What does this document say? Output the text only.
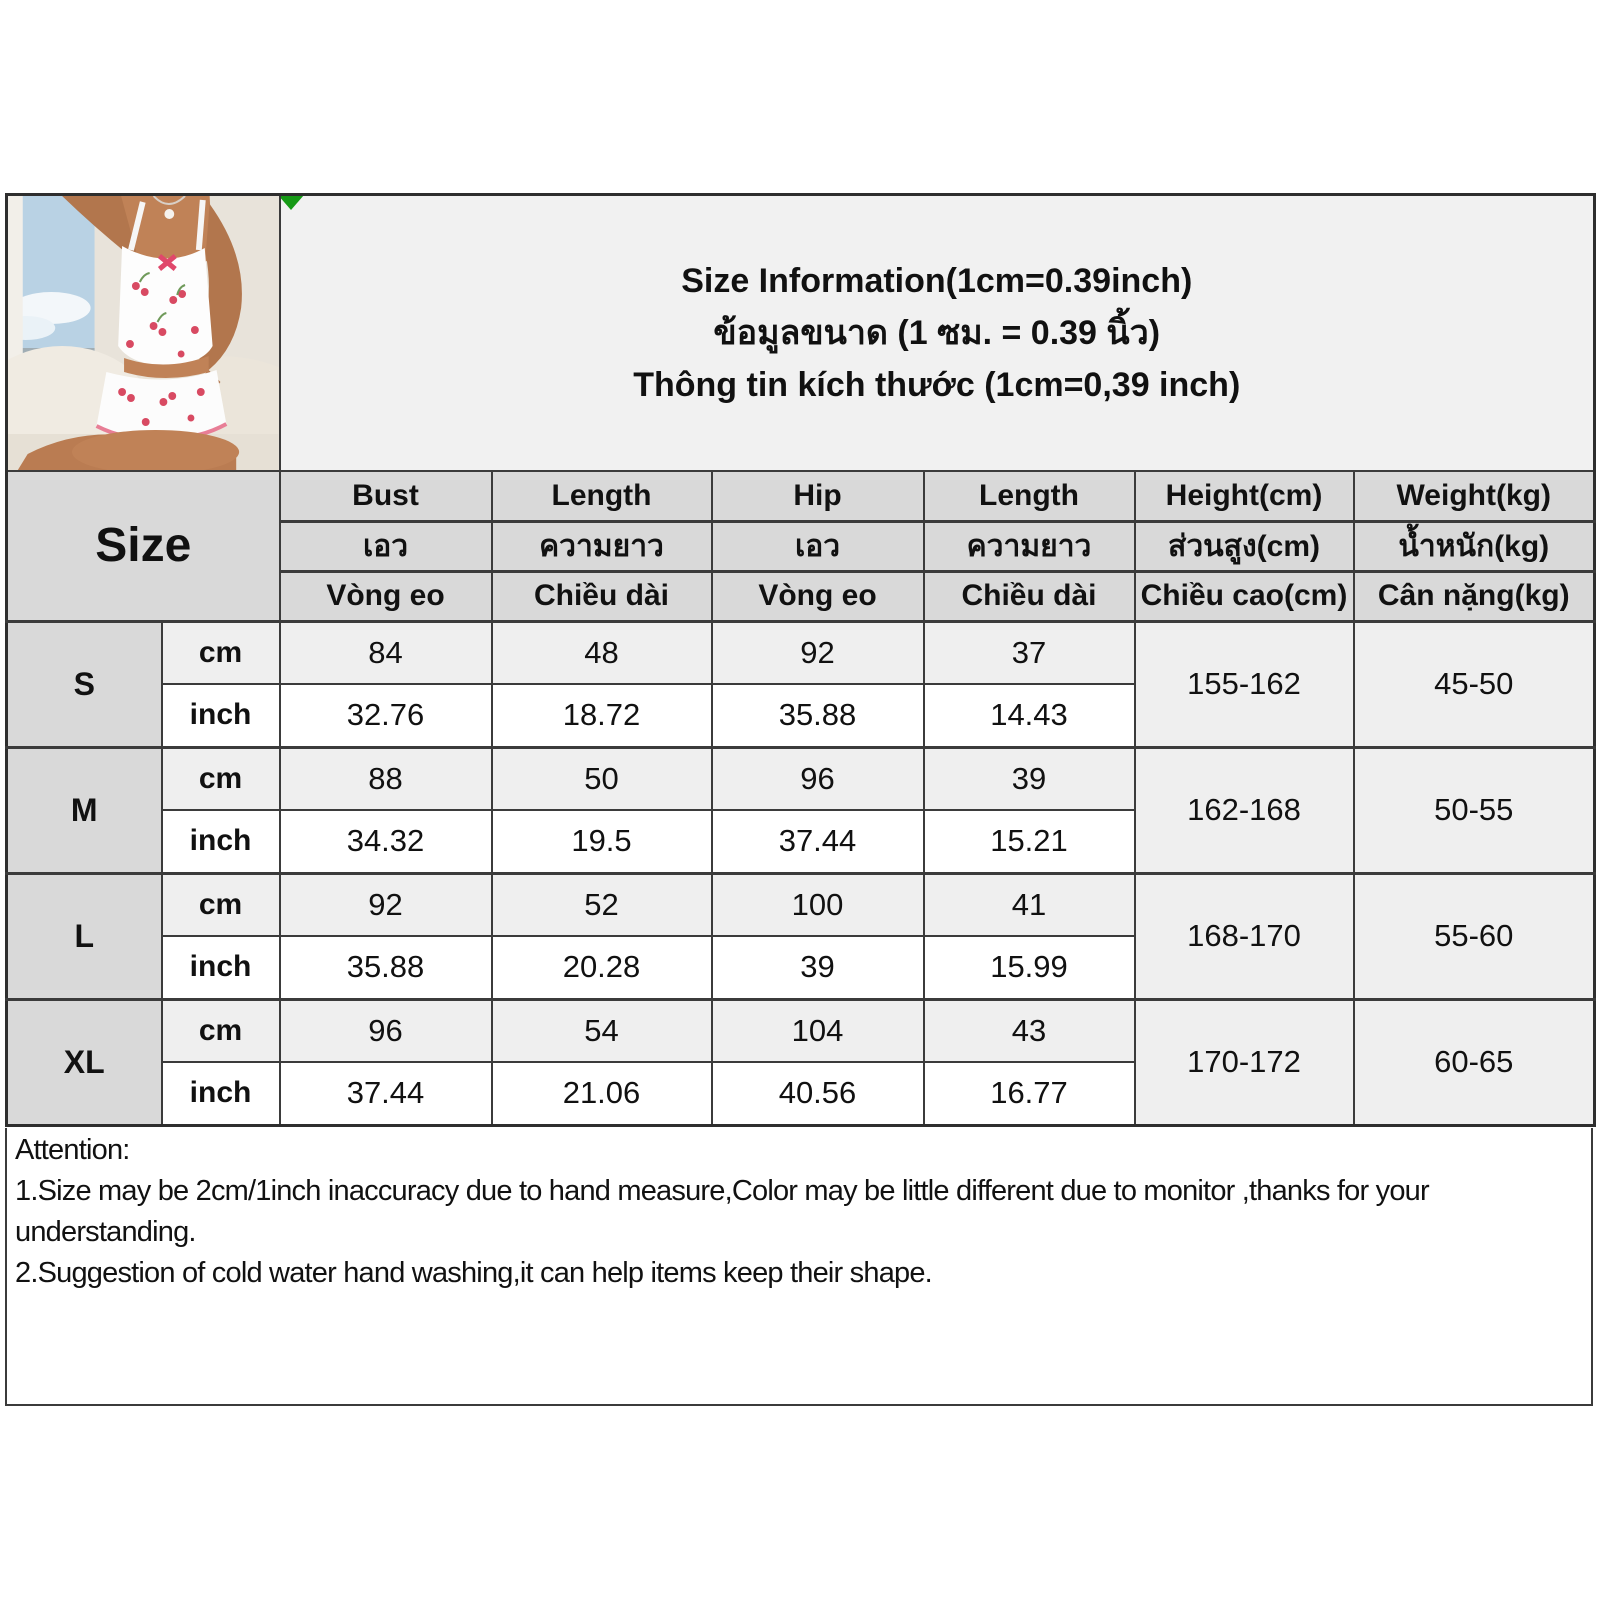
Size Information(1cm=0.39inch)
ข้อมูลขนาด (1 ซม. = 0.39 นิ้ว)
Thông tin kích thước (1cm=0,39 inch)					

Size		Bust	Length	Hip	Length	Height(cm)	Weight(kg)
		เอว	ความยาว	เอว	ความยาว	ส่วนสูง(cm)	น้ำหนัก(kg)
		Vòng eo	Chiều dài	Vòng eo	Chiều dài	Chiều cao(cm)	Cân nặng(kg)
S	cm	84	48	92	37	155-162	45-50
	inch	32.76	18.72	35.88	14.43		
M	cm	88	50	96	39	162-168	50-55
	inch	34.32	19.5	37.44	15.21		
L	cm	92	52	100	41	168-170	55-60
	inch	35.88	20.28	39	15.99		
XL	cm	96	54	104	43	170-172	60-65
	inch	37.44	21.06	40.56	16.77		
Attention:
1.Size may be 2cm/1inch inaccuracy due to hand measure,Color may be little different due to monitor ,thanks for your understanding.
2.Suggestion of cold water hand washing,it can help items keep their shape.
